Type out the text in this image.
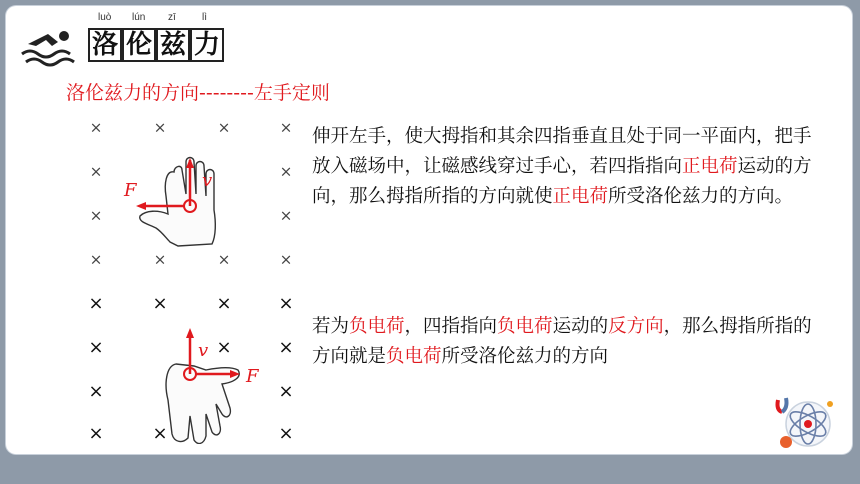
luò lún zī	lì
洛 伦 兹 力
洛伦兹力的方向--------左手定则
×	×	×	×
×	×
×	×
×	×	×	×
×	×	×	×
×	×	×
×	×
×	×	×
F	v
v
F

伸开左手，使大拇指和其余四指垂直且处于同一平面内，把手放入磁场中，让磁感线穿过手心，若四指指向正电荷运动的方向，那么拇指所指的方向就使正电荷所受洛伦兹力的方向。

若为负电荷，四指指向负电荷运动的反方向，那么拇指所指的方向就是负电荷所受洛伦兹力的方向
